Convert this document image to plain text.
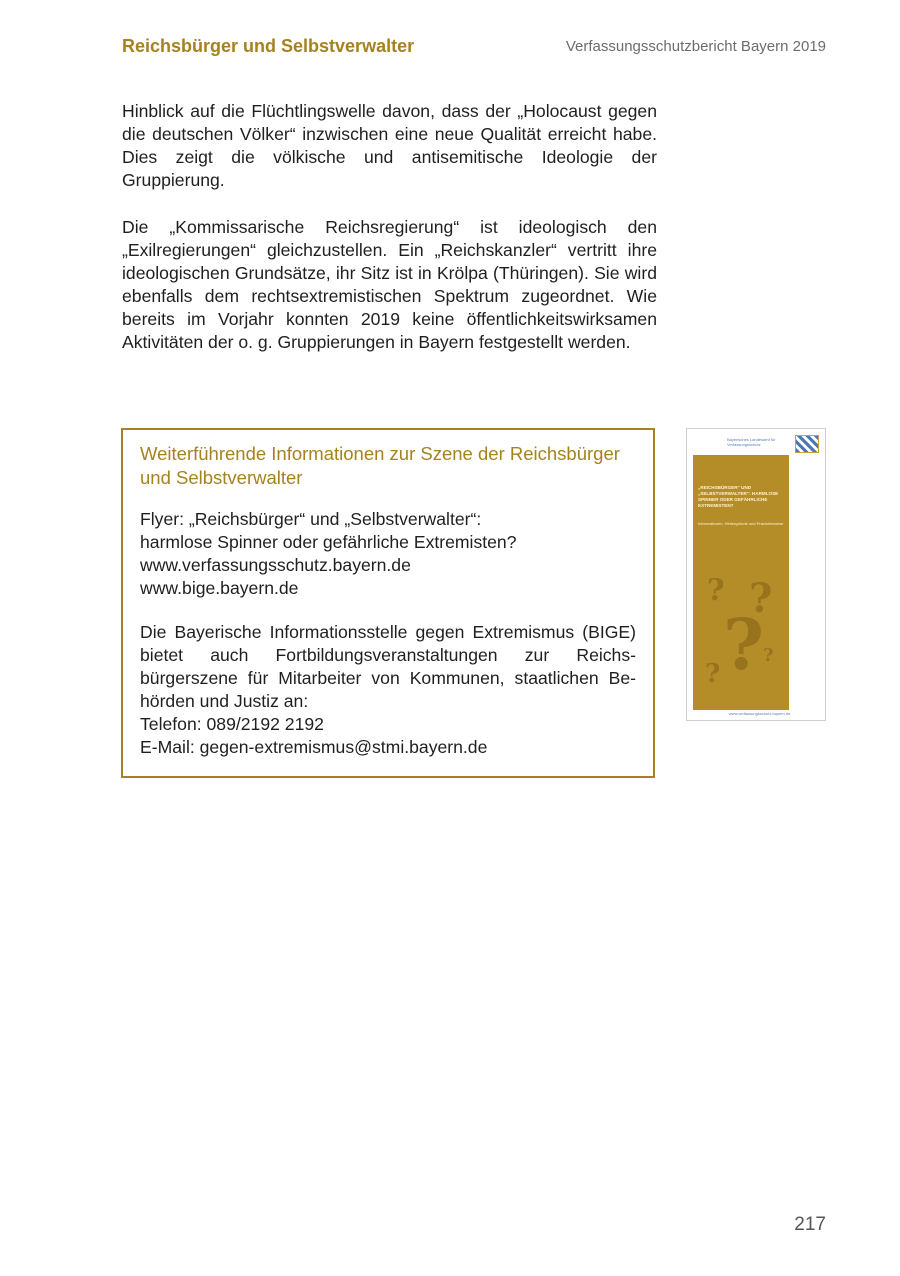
Reichsbürger und Selbstverwalter	Verfassungsschutzbericht Bayern 2019

Hinblick auf die Flüchtlingswelle davon, dass der „Holocaust gegen die deutschen Völker“ inzwischen eine neue Qualität erreicht habe. Dies zeigt die völkische und antisemitische Ideologie der Gruppierung.

Die „Kommissarische Reichsregierung“ ist ideologisch den „Exilregierungen“ gleichzustellen. Ein „Reichskanzler“ vertritt ihre ideologischen Grundsätze, ihr Sitz ist in Krölpa (Thüringen). Sie wird ebenfalls dem rechtsextremistischen Spektrum zugeordnet. Wie bereits im Vorjahr konnten 2019 keine öffentlichkeitswirksamen Aktivitäten der o. g. Gruppierungen in Bayern festgestellt werden.

Weiterführende Informationen zur Szene der Reichsbürger und Selbstverwalter

Flyer: „Reichsbürger“ und „Selbstverwalter“:

harmlose Spinner oder gefährliche Extremisten?

www.verfassungsschutz.bayern.de

www.bige.bayern.de

Die Bayerische Informationsstelle gegen Extremismus (BIGE) bietet auch Fortbildungsveranstaltungen zur Reichsbürgerszene für Mitarbeiter von Kommunen, staatlichen Behörden und Justiz an:

Telefon: 089/2192 2192

E-Mail: gegen-extremismus@stmi.bayern.de

Bayerisches Landesamt für Verfassungsschutz
„REICHSBÜRGER“ UND „SELBSTVERWALTER“: HARMLOSE SPINNER ODER GEFÄHRLICHE EXTREMISTEN?
Informationen, Hintergründe und Praxishinweise
? ?
?
?
?
www.verfassungsschutz.bayern.de
217
